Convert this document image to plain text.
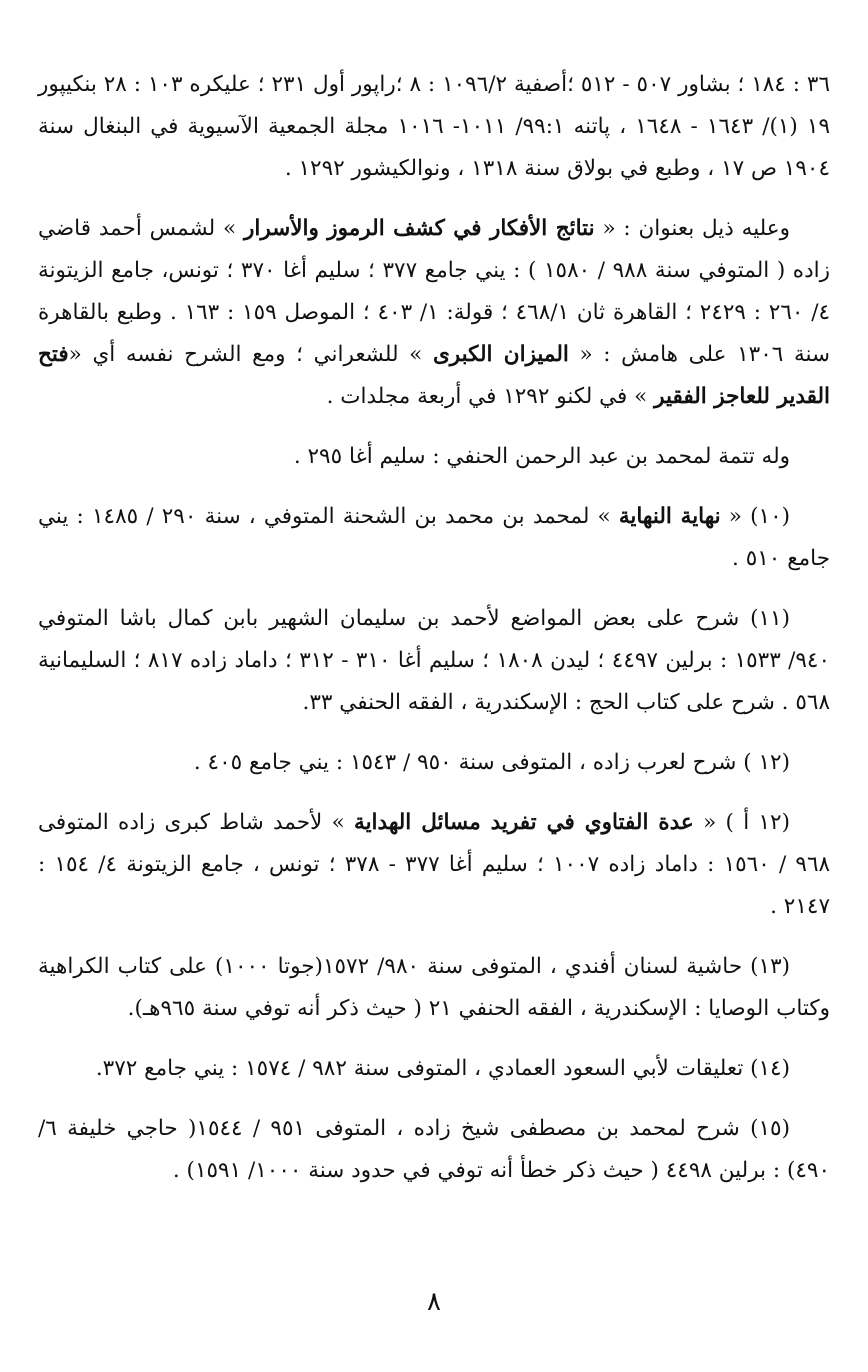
٣٦ : ١٨٤ ؛ بشاور ٥٠٧ - ٥١٢ ؛أصفية ١٠٩٦/٢ : ٨ ؛راپور أول ٢٣١ ؛ عليكره ١٠٣ : ٢٨ بنكيپور ١٩ (١)/ ١٦٤٣ - ١٦٤٨ ، پاتنه ٩٩:١/ ١٠١١- ١٠١٦ مجلة الجمعية الآسيوية في البنغال سنة ١٩٠٤ ص ١٧ ، وطبع في بولاق سنة ١٣١٨ ، ونوالكيشور ١٢٩٢ .

وعليه ذيل بعنوان : « نتائج الأفكار في كشف الرموز والأسرار » لشمس أحمد قاضي زاده ( المتوفي سنة ٩٨٨ / ١٥٨٠ ) : يني جامع ٣٧٧ ؛ سليم أغا ٣٧٠ ؛ تونس، جامع الزيتونة ٤/ ٢٦٠ : ٢٤٢٩ ؛ القاهرة ثان ٤٦٨/١ ؛ قولة: ١/ ٤٠٣ ؛ الموصل ١٥٩ : ١٦٣ . وطبع بالقاهرة سنة ١٣٠٦ على هامش : « الميزان الكبرى » للشعراني ؛ ومع الشرح نفسه أي «فتح القدير للعاجز الفقير » في لكنو ١٢٩٢ في أربعة مجلدات .

وله تتمة لمحمد بن عبد الرحمن الحنفي : سليم أغا ٢٩٥ .

(١٠) « نهاية النهاية » لمحمد بن محمد بن الشحنة المتوفي ، سنة ٢٩٠ / ١٤٨٥ : يني جامع ٥١٠ .

(١١) شرح على بعض المواضع لأحمد بن سليمان الشهير بابن كمال باشا المتوفي ٩٤٠/ ١٥٣٣ : برلين ٤٤٩٧ ؛ ليدن ١٨٠٨ ؛ سليم أغا ٣١٠ - ٣١٢ ؛ داماد زاده ٨١٧ ؛ السليمانية ٥٦٨ . شرح على كتاب الحج : الإسكندرية ، الفقه الحنفي ٣٣.

(١٢ ) شرح لعرب زاده ، المتوفى سنة ٩٥٠ / ١٥٤٣ : يني جامع ٤٠٥ .

(١٢ أ ) « عدة الفتاوي في تفريد مسائل الهداية » لأحمد شاط كبرى زاده المتوفى ٩٦٨ / ١٥٦٠ : داماد زاده ١٠٠٧ ؛ سليم أغا ٣٧٧ - ٣٧٨ ؛ تونس ، جامع الزيتونة ٤/ ١٥٤ : ٢١٤٧ .

(١٣) حاشية لسنان أفندي ، المتوفى سنة ٩٨٠/ ١٥٧٢(جوتا ١٠٠٠) على كتاب الكراهية وكتاب الوصايا : الإسكندرية ، الفقه الحنفي ٢١ ( حيث ذكر أنه توفي سنة ٩٦٥هـ).

(١٤) تعليقات لأبي السعود العمادي ، المتوفى سنة ٩٨٢ / ١٥٧٤ : يني جامع ٣٧٢.

(١٥) شرح لمحمد بن مصطفى شيخ زاده ، المتوفى ٩٥١ / ١٥٤٤( حاجي خليفة ٦/ ٤٩٠) : برلين ٤٤٩٨ ( حيث ذكر خطأ أنه توفي في حدود سنة ١٠٠٠/ ١٥٩١) .

٨
